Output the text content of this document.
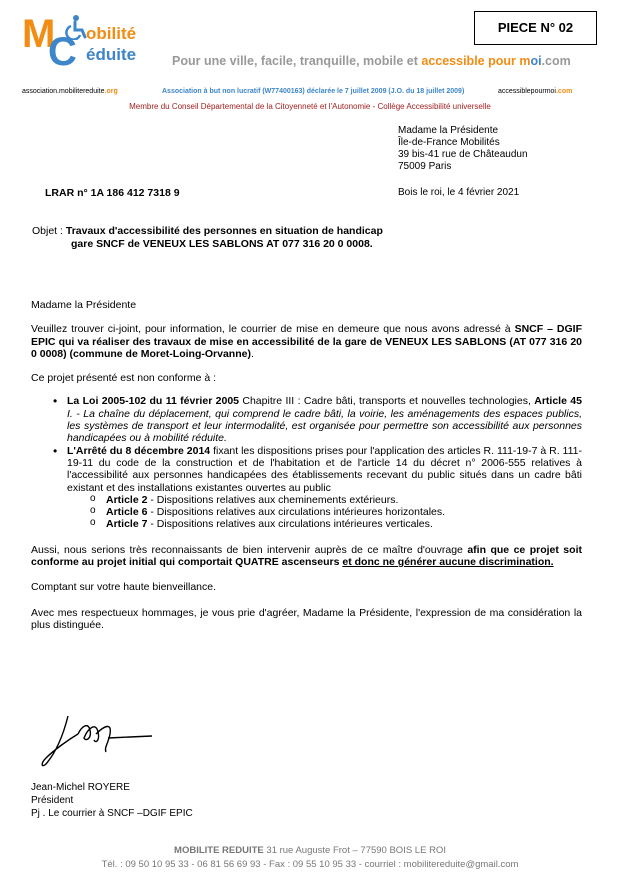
M
C obilité
éduite	Pour une ville, facile, tranquille, mobile et accessible pour moi.com
PIECE N° 02
association.mobilitereduite.org	Association à but non lucratif (W77400163) déclarée le 7 juillet 2009 (J.O. du 18 juillet 2009)	accessiblepourmoi.com
Membre du Conseil Départemental de la Citoyenneté et l'Autonomie - Collège Accessibilité universelle
Madame la Présidente
Île-de-France Mobilités
39 bis-41 rue de Châteaudun
75009 Paris
LRAR n° 1A 186 412 7318 9	Bois le roi, le 4 février 2021
Objet : Travaux d'accessibilité des personnes en situation de handicap
gare SNCF de VENEUX LES SABLONS AT 077 316 20 0 0008.

Madame la Présidente

Veuillez trouver ci-joint, pour information, le courrier de mise en demeure que nous avons adressé à SNCF – DGIF EPIC qui va réaliser des travaux de mise en accessibilité de la gare de VENEUX LES SABLONS (AT 077 316 20 0 0008) (commune de Moret-Loing-Orvanne).

Ce projet présenté est non conforme à :

• La Loi 2005-102 du 11 février 2005 Chapitre III : Cadre bâti, transports et nouvelles technologies, Article 45 I. - La chaîne du déplacement, qui comprend le cadre bâti, la voirie, les aménagements des espaces publics, les systèmes de transport et leur intermodalité, est organisée pour permettre son accessibilité aux personnes handicapées ou à mobilité réduite.
• L'Arrêté du 8 décembre 2014 fixant les dispositions prises pour l'application des articles R. 111-19-7 à R. 111-19-11 du code de la construction et de l'habitation et de l'article 14 du décret n° 2006-555 relatives à l'accessibilité aux personnes handicapées des établissements recevant du public situés dans un cadre bâti existant et des installations existantes ouvertes au public
o Article 2 - Dispositions relatives aux cheminements extérieurs.
o Article 6 - Dispositions relatives aux circulations intérieures horizontales.
o Article 7 - Dispositions relatives aux circulations intérieures verticales.

Aussi, nous serions très reconnaissants de bien intervenir auprès de ce maître d'ouvrage afin que ce projet soit conforme au projet initial qui comportait QUATRE ascenseurs et donc ne générer aucune discrimination.

Comptant sur votre haute bienveillance.

Avec mes respectueux hommages, je vous prie d'agréer, Madame la Présidente, l'expression de ma considération la plus distinguée.

Jean-Michel ROYERE
Président
Pj . Le courrier à SNCF –DGIF EPIC
MOBILITE REDUITE 31 rue Auguste Frot – 77590 BOIS LE ROI
Tél. : 09 50 10 95 33 - 06 81 56 69 93 - Fax : 09 55 10 95 33 - courriel : mobilitereduite@gmail.com
